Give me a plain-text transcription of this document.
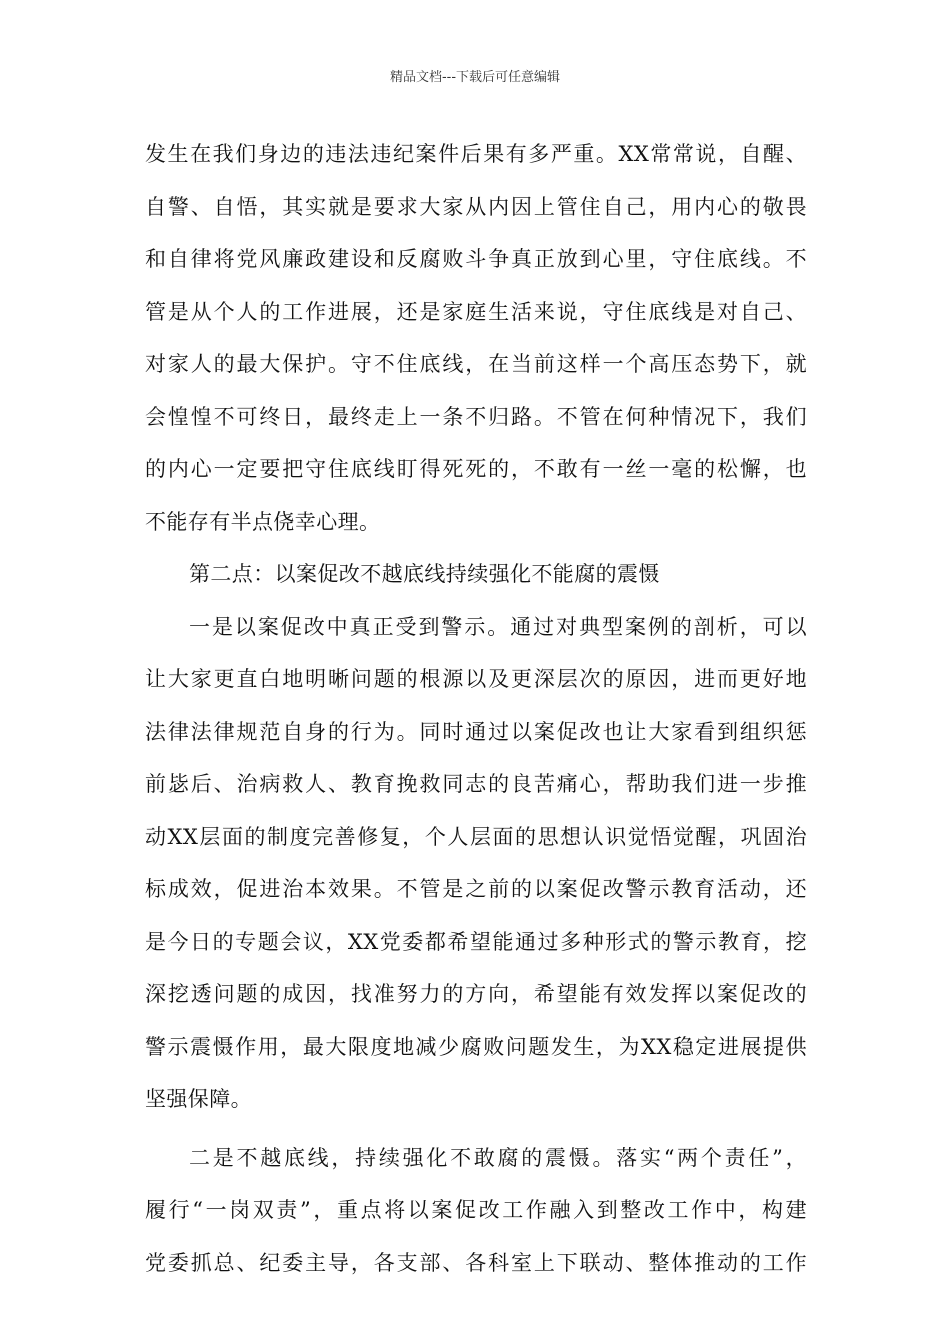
精品文档---下载后可任意编辑
发生在我们身边的违法违纪案件后果有多严重。XX常常说，自醒、
自警、自悟，其实就是要求大家从内因上管住自己，用内心的敬畏
和自律将党风廉政建设和反腐败斗争真正放到心里，守住底线。不
管是从个人的工作进展，还是家庭生活来说，守住底线是对自己、
对家人的最大保护。守不住底线，在当前这样一个高压态势下，就
会惶惶不可终日，最终走上一条不归路。不管在何种情况下，我们
的内心一定要把守住底线盯得死死的，不敢有一丝一毫的松懈，也
不能存有半点侥幸心理。
第二点：以案促改不越底线持续强化不能腐的震慑
一是以案促改中真正受到警示。通过对典型案例的剖析，可以
让大家更直白地明晰问题的根源以及更深层次的原因，进而更好地
法律法律规范自身的行为。同时通过以案促改也让大家看到组织惩
前毖后、治病救人、教育挽救同志的良苦痛心，帮助我们进一步推
动XX层面的制度完善修复，个人层面的思想认识觉悟觉醒，巩固治
标成效，促进治本效果。不管是之前的以案促改警示教育活动，还
是今日的专题会议，XX党委都希望能通过多种形式的警示教育，挖
深挖透问题的成因，找准努力的方向，希望能有效发挥以案促改的
警示震慑作用，最大限度地减少腐败问题发生，为XX稳定进展提供
坚强保障。
二是不越底线，持续强化不敢腐的震慑。落实“两个责任”，
履行“一岗双责”，重点将以案促改工作融入到整改工作中，构建
党委抓总、纪委主导，各支部、各科室上下联动、整体推动的工作
